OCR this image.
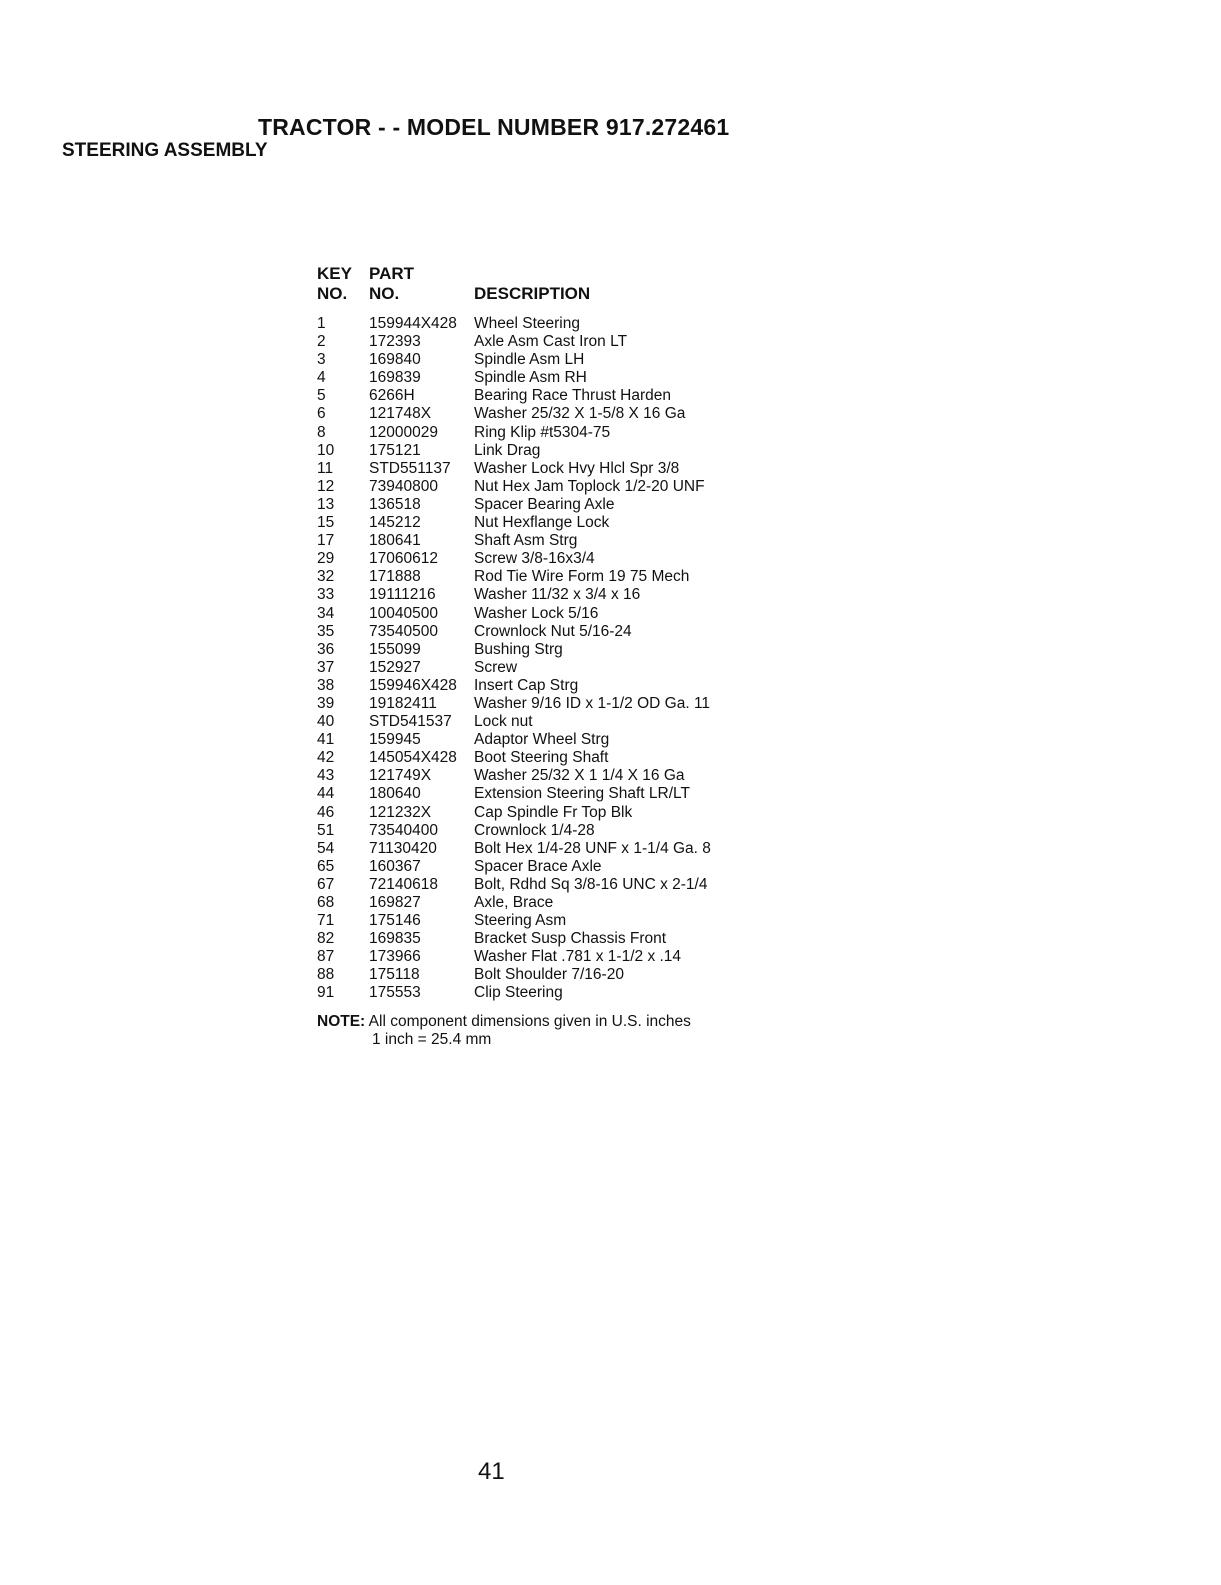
TRACTOR - - MODEL NUMBER 917.272461
STEERING ASSEMBLY
KEY PART
NO. NO.	DESCRIPTION
1	159944X428 Wheel Steering
2	172393	Axle Asm Cast Iron LT
3	169840	Spindle Asm LH
4	169839	Spindle Asm RH
5	6266H	Bearing Race Thrust Harden
6	121748X	Washer 25/32 X 1-5/8 X 16 Ga
8	12000029 Ring Klip #t5304-75
10 175121	Link Drag
11 STD551137 Washer Lock Hvy Hlcl Spr 3/8
12 73940800 Nut Hex Jam Toplock 1/2-20 UNF
13 136518	Spacer Bearing Axle
15 145212	Nut Hexflange Lock
17 180641	Shaft Asm Strg
29 17060612 Screw 3/8-16x3/4
32 171888	Rod Tie Wire Form 19 75 Mech
33 19111216 Washer 11/32 x 3/4 x 16
34 10040500 Washer Lock 5/16
35 73540500 Crownlock Nut 5/16-24
36 155099	Bushing Strg
37 152927	Screw
38 159946X428 Insert Cap Strg
39 19182411 Washer 9/16 ID x 1-1/2 OD Ga. 11
40 STD541537 Lock nut
41 159945	Adaptor Wheel Strg
42 145054X428 Boot Steering Shaft
43 121749X	Washer 25/32 X 1 1/4 X 16 Ga
44 180640	Extension Steering Shaft LR/LT
46 121232X	Cap Spindle Fr Top Blk
51 73540400 Crownlock 1/4-28
54 71130420 Bolt Hex 1/4-28 UNF x 1-1/4 Ga. 8
65 160367	Spacer Brace Axle
67 72140618 Bolt, Rdhd Sq 3/8-16 UNC x 2-1/4
68 169827	Axle, Brace
71 175146	Steering Asm
82 169835	Bracket Susp Chassis Front
87 173966	Washer Flat .781 x 1-1/2 x .14
88 175118	Bolt Shoulder 7/16-20
91 175553	Clip Steering
NOTE: All component dimensions given in U.S. inches
1 inch = 25.4 mm
41
